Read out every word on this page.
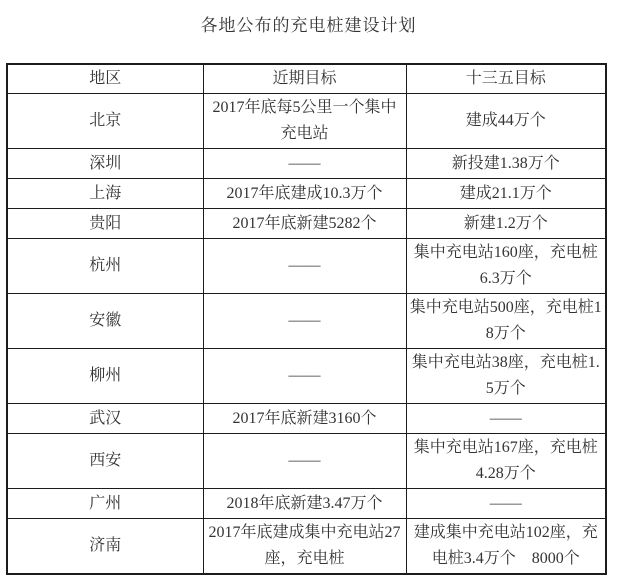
各地公布的充电桩建设计划
地区	近期目标	十三五目标
北京	2017年底每5公里一个集中充电站	建成44万个
深圳	——	新投建1.38万个
上海	2017年底建成10.3万个	建成21.1万个
贵阳	2017年底新建5282个	新建1.2万个
杭州	——	集中充电站160座，充电桩6.3万个
安徽	——	集中充电站500座，充电桩18万个
柳州	——	集中充电站38座，充电桩1.5万个
武汉	2017年底新建3160个	——
西安	——	集中充电站167座，充电桩4.28万个
广州	2018年底新建3.47万个	——
济南	2017年底建成集中充电站27座，充电桩	建成集中充电站102座，充电桩3.4万个　8000个
